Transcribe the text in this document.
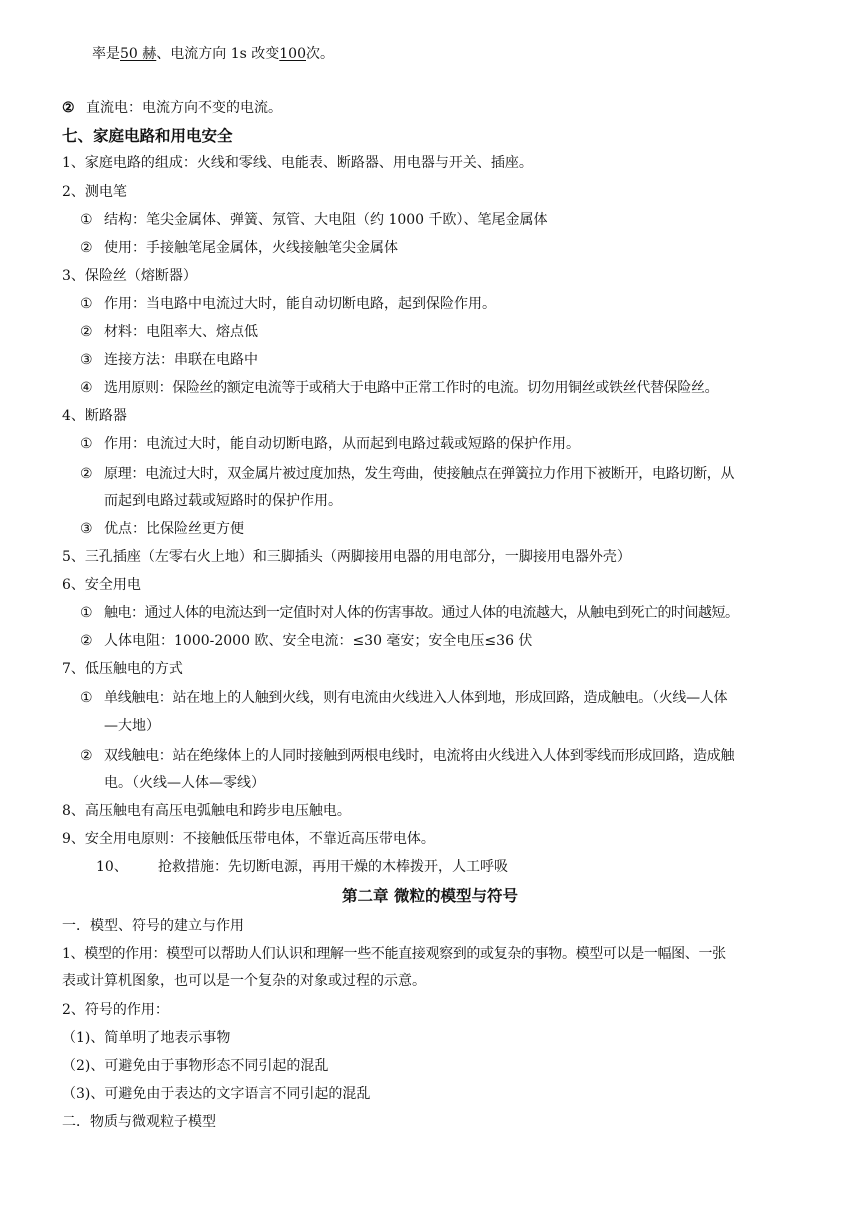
率是50 赫、电流方向 1s 改变100次。
② 直流电：电流方向不变的电流。
七、家庭电路和用电安全
1、家庭电路的组成：火线和零线、电能表、断路器、用电器与开关、插座。
2、测电笔
① 结构：笔尖金属体、弹簧、氖管、大电阻（约 1000 千欧）、笔尾金属体
② 使用：手接触笔尾金属体，火线接触笔尖金属体
3、保险丝（熔断器）
① 作用：当电路中电流过大时，能自动切断电路，起到保险作用。
② 材料：电阻率大、熔点低
③ 连接方法：串联在电路中
④ 选用原则：保险丝的额定电流等于或稍大于电路中正常工作时的电流。切勿用铜丝或铁丝代替保险丝。
4、断路器
① 作用：电流过大时，能自动切断电路，从而起到电路过载或短路的保护作用。
② 原理：电流过大时，双金属片被过度加热，发生弯曲，使接触点在弹簧拉力作用下被断开，电路切断，从
而起到电路过载或短路时的保护作用。
③ 优点：比保险丝更方便
5、三孔插座（左零右火上地）和三脚插头（两脚接用电器的用电部分，一脚接用电器外壳）
6、安全用电
① 触电：通过人体的电流达到一定值时对人体的伤害事故。通过人体的电流越大，从触电到死亡的时间越短。
② 人体电阻：1000-2000 欧、安全电流：≤30 毫安；安全电压≤36 伏
7、低压触电的方式
① 单线触电：站在地上的人触到火线，则有电流由火线进入人体到地，形成回路，造成触电。（火线—人体
—大地）
② 双线触电：站在绝缘体上的人同时接触到两根电线时，电流将由火线进入人体到零线而形成回路，造成触
电。（火线—人体—零线）
8、高压触电有高压电弧触电和跨步电压触电。
9、安全用电原则：不接触低压带电体，不靠近高压带电体。
10、 抢救措施：先切断电源，再用干燥的木棒拨开，人工呼吸
第二章 微粒的模型与符号
一．模型、符号的建立与作用
1、模型的作用：模型可以帮助人们认识和理解一些不能直接观察到的或复杂的事物。模型可以是一幅图、一张
表或计算机图象，也可以是一个复杂的对象或过程的示意。
2、符号的作用：
（1)、简单明了地表示事物
（2)、可避免由于事物形态不同引起的混乱
（3)、可避免由于表达的文字语言不同引起的混乱
二．物质与微观粒子模型
